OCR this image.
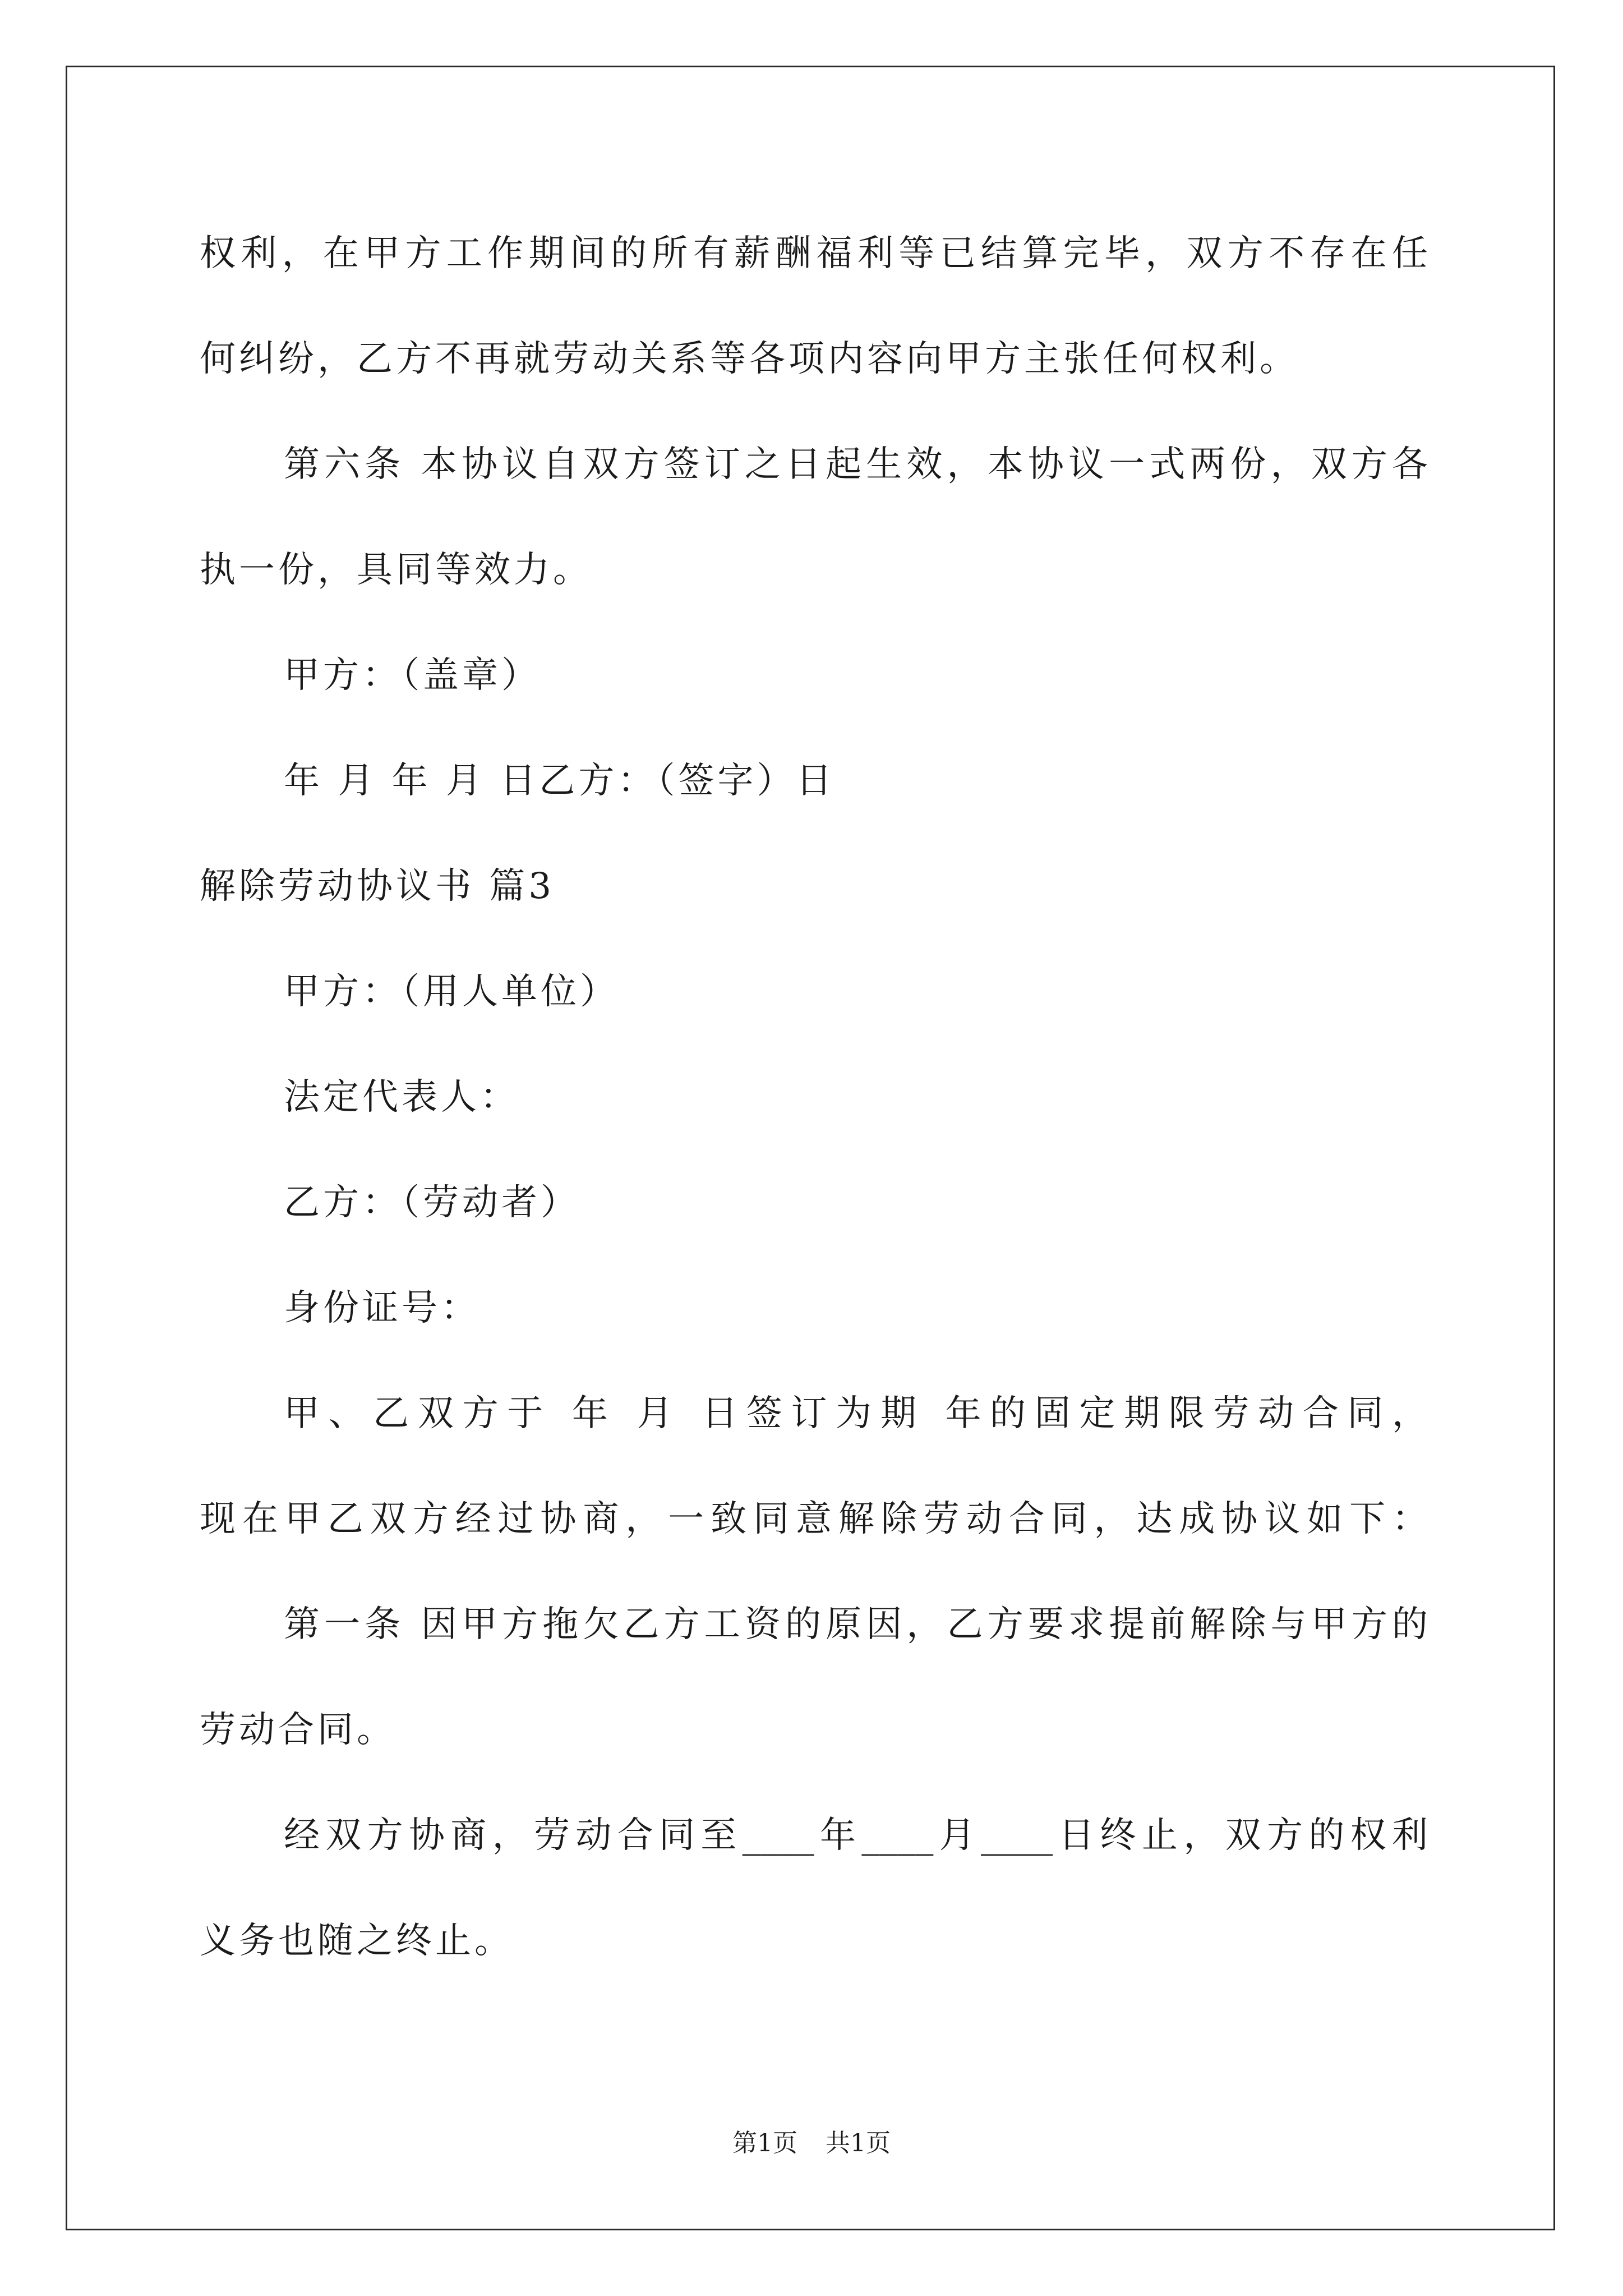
权利，在甲方工作期间的所有薪酬福利等已结算完毕，双方不存在任
何纠纷，乙方不再就劳动关系等各项内容向甲方主张任何权利。
第六条 本协议自双方签订之日起生效，本协议一式两份，双方各
执一份，具同等效力。
甲方：（盖章）
年 月 年 月 日乙方：（签字）日
解除劳动协议书 篇3
甲方：（用人单位）
法定代表人：
乙方：（劳动者）
身份证号：
甲、乙双方于 年 月 日签订为期 年的固定期限劳动合同，
现在甲乙双方经过协商，一致同意解除劳动合同，达成协议如下：
第一条 因甲方拖欠乙方工资的原因，乙方要求提前解除与甲方的
劳动合同。
经双方协商，劳动合同至____年____月____日终止，双方的权利
义务也随之终止。
第1页 共1页
